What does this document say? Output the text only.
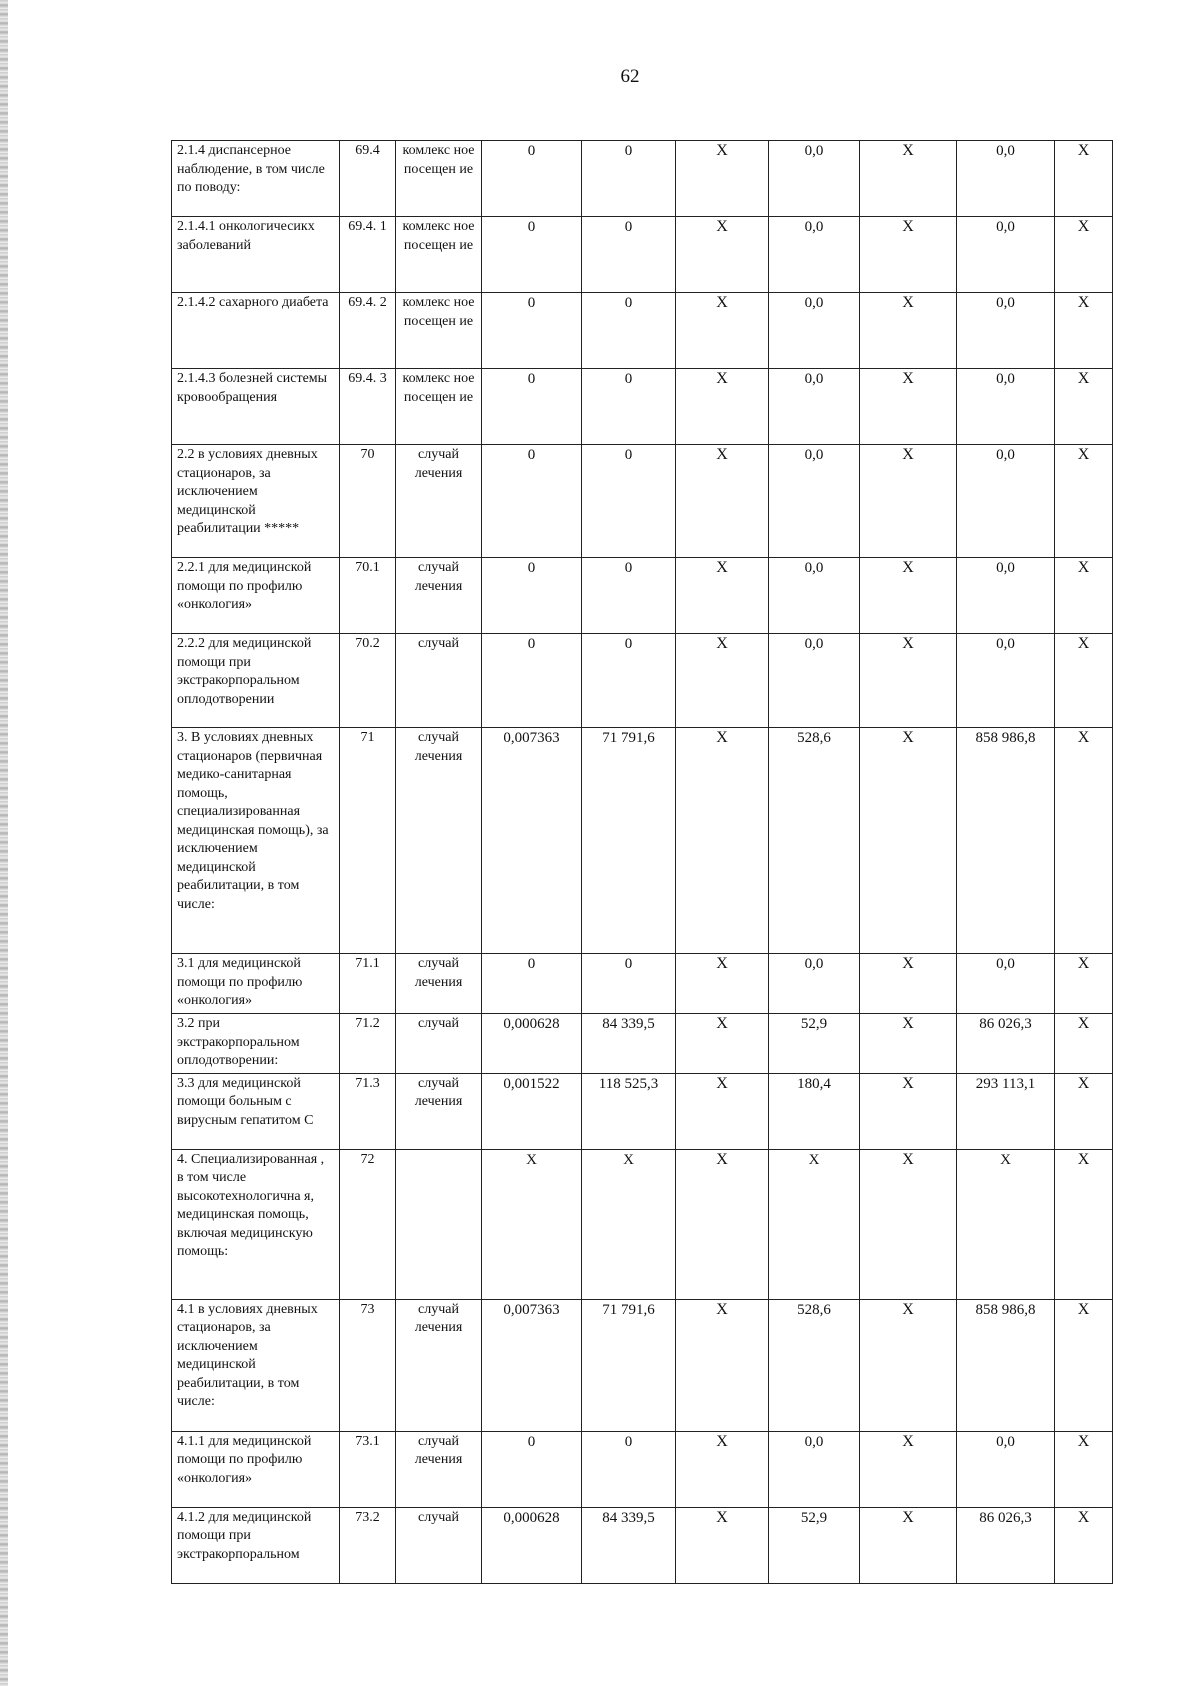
62
2.1.4 диспансерное наблюдение, в том числе по поводу:	69.4	комлекс ное посещен ие	0	0	Х	0,0	Х	0,0	Х
2.1.4.1 онкологичесикх заболеваний	69.4. 1	комлекс ное посещен ие	0	0	Х	0,0	Х	0,0	Х
2.1.4.2 сахарного диабета	69.4. 2	комлекс ное посещен ие	0	0	Х	0,0	Х	0,0	Х
2.1.4.3 болезней системы кровообращения	69.4. 3	комлекс ное посещен ие	0	0	Х	0,0	Х	0,0	Х
2.2 в условиях дневных стационаров, за исключением медицинской реабилитации *****	70	случай лечения	0	0	Х	0,0	Х	0,0	Х
2.2.1 для медицинской помощи по профилю «онкология»	70.1	случай лечения	0	0	Х	0,0	Х	0,0	Х
2.2.2 для медицинской помощи при экстракорпоральном оплодотворении	70.2	случай	0	0	Х	0,0	Х	0,0	Х
3. В условиях дневных стационаров (первичная медико-санитарная помощь, специализированная медицинская помощь), за исключением медицинской реабилитации, в том числе:	71	случай лечения	0,007363	71 791,6	Х	528,6	Х	858 986,8	Х
3.1 для медицинской помощи по профилю «онкология»	71.1	случай лечения	0	0	Х	0,0	Х	0,0	Х
3.2 при экстракорпоральном оплодотворении:	71.2	случай	0,000628	84 339,5	Х	52,9	Х	86 026,3	Х
3.3 для медицинской помощи больным с вирусным гепатитом С	71.3	случай лечения	0,001522	118 525,3	Х	180,4	Х	293 113,1	Х
4. Специализированная , в том числе высокотехнологична я, медицинская помощь, включая медицинскую помощь:	72		Х	Х	Х	Х	Х	Х	Х
4.1 в условиях дневных стационаров, за исключением медицинской реабилитации, в том числе:	73	случай лечения	0,007363	71 791,6	Х	528,6	Х	858 986,8	Х
4.1.1 для медицинской помощи по профилю «онкология»	73.1	случай лечения	0	0	Х	0,0	Х	0,0	Х
4.1.2 для медицинской помощи при экстракорпоральном	73.2	случай	0,000628	84 339,5	Х	52,9	Х	86 026,3	Х
